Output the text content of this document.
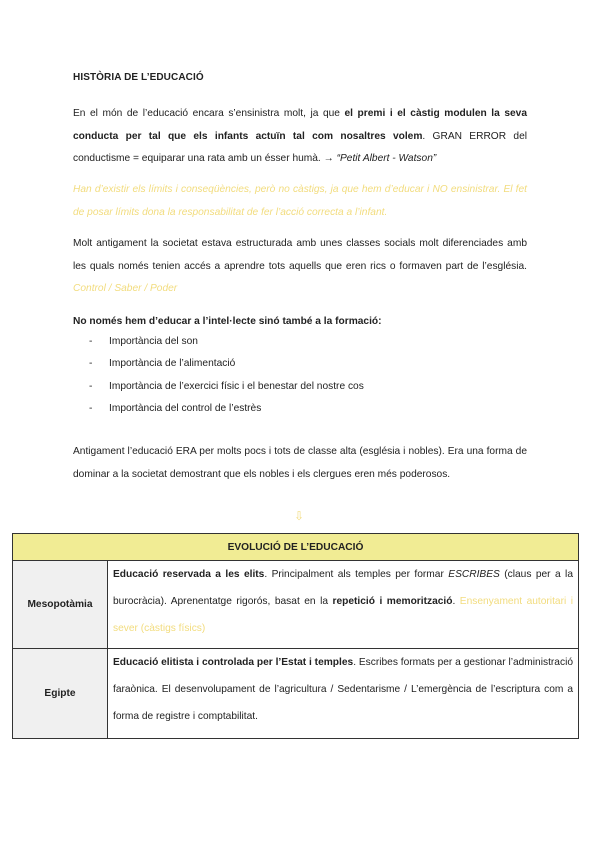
HISTÒRIA DE L’EDUCACIÓ
En el món de l’educació encara s’ensinistra molt, ja que el premi i el càstig modulen la seva conducta per tal que els infants actuïn tal com nosaltres volem. GRAN ERROR del conductisme = equiparar una rata amb un ésser humà. → “Petit Albert - Watson”
Han d’existir els límits i conseqüències, però no càstigs, ja que hem d’educar i NO ensinistrar. El fet de posar límits dona la responsabilitat de fer l’acció correcta a l’infant.
Molt antigament la societat estava estructurada amb unes classes socials molt diferenciades amb les quals només tenien accés a aprendre tots aquells que eren rics o formaven part de l’església. Control / Saber / Poder
No només hem d’educar a l’intel·lecte sinó també a la formació:
- Importància del son
- Importància de l’alimentació
- Importància de l’exercici físic i el benestar del nostre cos
- Importància del control de l’estrès
Antigament l’educació ERA per molts pocs i tots de classe alta (església i nobles). Era una forma de dominar a la societat demostrant que els nobles i els clergues eren més poderosos.
⇩
EVOLUCIÓ DE L’EDUCACIÓ	
Mesopotàmia	Educació reservada a les elits. Principalment als temples per formar ESCRIBES (claus per a la burocràcia). Aprenentatge rigorós, basat en la repetició i memorització. Ensenyament autoritari i sever (càstigs físics)
Egipte	Educació elitista i controlada per l’Estat i temples. Escribes formats per a gestionar l’administració faraònica. El desenvolupament de l’agricultura / Sedentarisme / L’emergència de l’escriptura com a forma de registre i comptabilitat.
